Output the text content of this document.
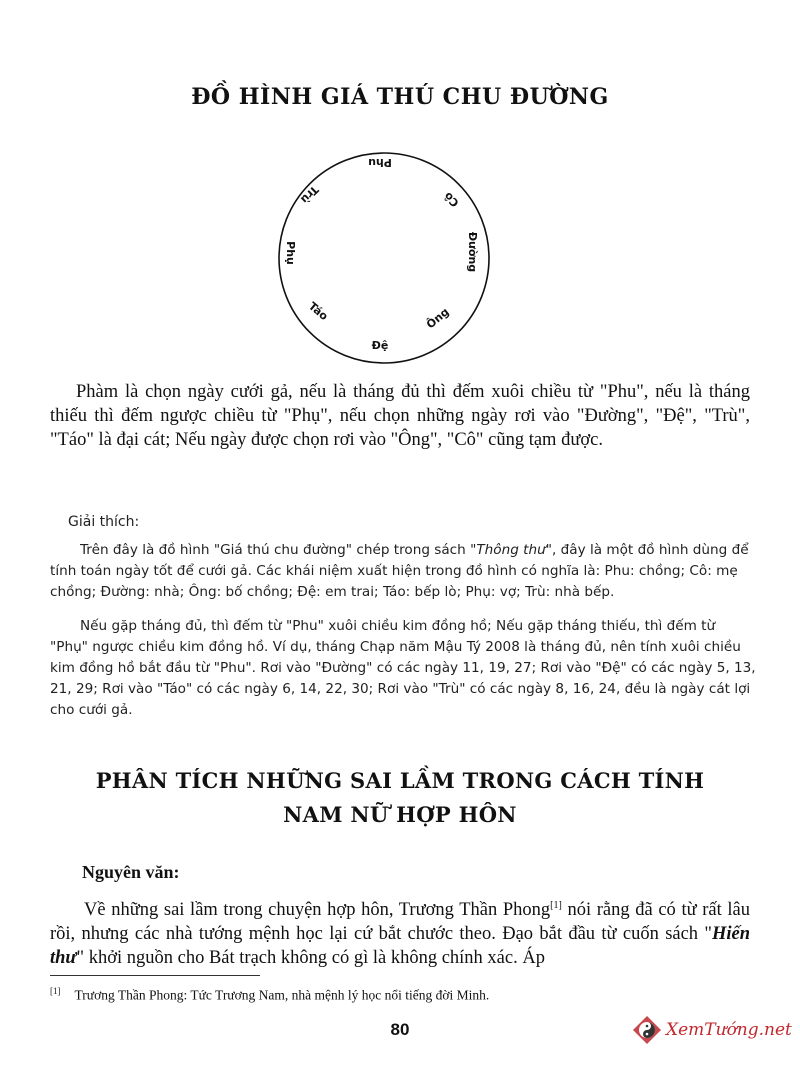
ĐỒ HÌNH GIÁ THÚ CHU ĐƯỜNG
Phu
Cô
Đường
Ông
Đệ
Táo
Phụ
Trù
Phàm là chọn ngày cưới gả, nếu là tháng đủ thì đếm xuôi chiều từ "Phu", nếu là tháng thiếu thì đếm ngược chiều từ "Phụ", nếu chọn những ngày rơi vào "Đường", "Đệ", "Trù", "Táo" là đại cát; Nếu ngày được chọn rơi vào "Ông", "Cô" cũng tạm được.
Giải thích:
Trên đây là đồ hình "Giá thú chu đường" chép trong sách "Thông thư", đây là một đồ hình dùng để tính toán ngày tốt để cưới gả. Các khái niệm xuất hiện trong đồ hình có nghĩa là: Phu: chồng; Cô: mẹ chồng; Đường: nhà; Ông: bố chồng; Đệ: em trai; Táo: bếp lò; Phụ: vợ; Trù: nhà bếp.
Nếu gặp tháng đủ, thì đếm từ "Phu" xuôi chiều kim đồng hồ; Nếu gặp tháng thiếu, thì đếm từ "Phụ" ngược chiều kim đồng hồ. Ví dụ, tháng Chạp năm Mậu Tý 2008 là tháng đủ, nên tính xuôi chiều kim đồng hồ bắt đầu từ "Phu". Rơi vào "Đường" có các ngày 11, 19, 27; Rơi vào "Đệ" có các ngày 5, 13, 21, 29; Rơi vào "Táo" có các ngày 6, 14, 22, 30; Rơi vào "Trù" có các ngày 8, 16, 24, đều là ngày cát lợi cho cưới gả.
PHÂN TÍCH NHỮNG SAI LẦM TRONG CÁCH TÍNH
NAM NỮ HỢP HÔN
Nguyên văn:
Về những sai lầm trong chuyện hợp hôn, Trương Thần Phong[1] nói rằng đã có từ rất lâu rồi, nhưng các nhà tướng mệnh học lại cứ bắt chước theo. Đạo bắt đầu từ cuốn sách "Hiến thư" khởi nguồn cho Bát trạch không có gì là không chính xác. Áp
[1] Trương Thần Phong: Tức Trương Nam, nhà mệnh lý học nổi tiếng đời Minh.
80	XemTướng.net
